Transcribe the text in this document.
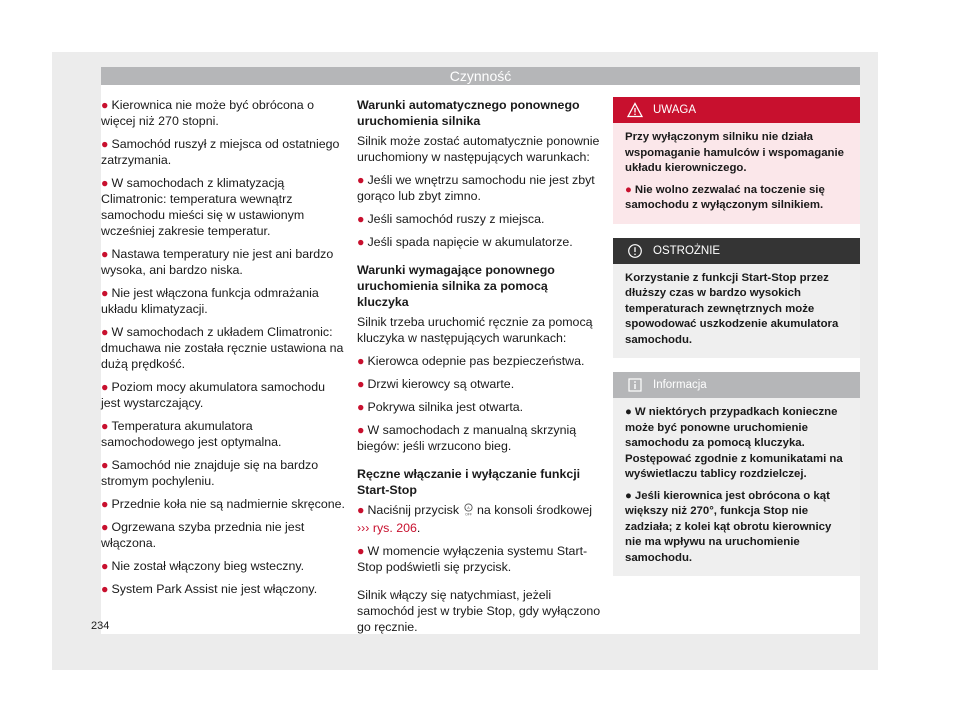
Czynność

● Kierownica nie może być obrócona o więcej niż 270 stopni.

● Samochód ruszył z miejsca od ostatniego zatrzymania.

● W samochodach z klimatyzacją Climatronic: temperatura wewnątrz samochodu mieści się w ustawionym wcześniej zakresie temperatur.

● Nastawa temperatury nie jest ani bardzo wysoka, ani bardzo niska.

● Nie jest włączona funkcja odmrażania układu klimatyzacji.

● W samochodach z układem Climatronic: dmuchawa nie została ręcznie ustawiona na dużą prędkość.

● Poziom mocy akumulatora samochodu jest wystarczający.

● Temperatura akumulatora samochodowego jest optymalna.

● Samochód nie znajduje się na bardzo stromym pochyleniu.

● Przednie koła nie są nadmiernie skręcone.

● Ogrzewana szyba przednia nie jest włączona.

● Nie został włączony bieg wsteczny.

● System Park Assist nie jest włączony.

Warunki automatycznego ponownego uruchomienia silnika

Silnik może zostać automatycznie ponownie uruchomiony w następujących warunkach:

● Jeśli we wnętrzu samochodu nie jest zbyt gorąco lub zbyt zimno.

● Jeśli samochód ruszy z miejsca.

● Jeśli spada napięcie w akumulatorze.

Warunki wymagające ponownego uruchomienia silnika za pomocą kluczyka

Silnik trzeba uruchomić ręcznie za pomocą kluczyka w następujących warunkach:

● Kierowca odepnie pas bezpieczeństwa.

● Drzwi kierowcy są otwarte.

● Pokrywa silnika jest otwarta.

● W samochodach z manualną skrzynią biegów: jeśli wrzucono bieg.

Ręczne włączanie i wyłączanie funkcji Start-Stop

● Naciśnij przycisk A
OFF na konsoli środkowej
››› rys. 206.

● W momencie wyłączenia systemu Start-Stop podświetli się przycisk.

Silnik włączy się natychmiast, jeżeli samochód jest w trybie Stop, gdy wyłączono go ręcznie.

UWAGA

Przy wyłączonym silniku nie działa wspomaganie hamulców i wspomaganie układu kierowniczego.

● Nie wolno zezwalać na toczenie się samochodu z wyłączonym silnikiem.

OSTROŻNIE

Korzystanie z funkcji Start-Stop przez dłuższy czas w bardzo wysokich temperaturach zewnętrznych może spowodować uszkodzenie akumulatora samochodu.

Informacja

● W niektórych przypadkach konieczne może być ponowne uruchomienie samochodu za pomocą kluczyka. Postępować zgodnie z komunikatami na wyświetlaczu tablicy rozdzielczej.

● Jeśli kierownica jest obrócona o kąt większy niż 270°, funkcja Stop nie zadziała; z kolei kąt obrotu kierownicy nie ma wpływu na uruchomienie samochodu.

234
